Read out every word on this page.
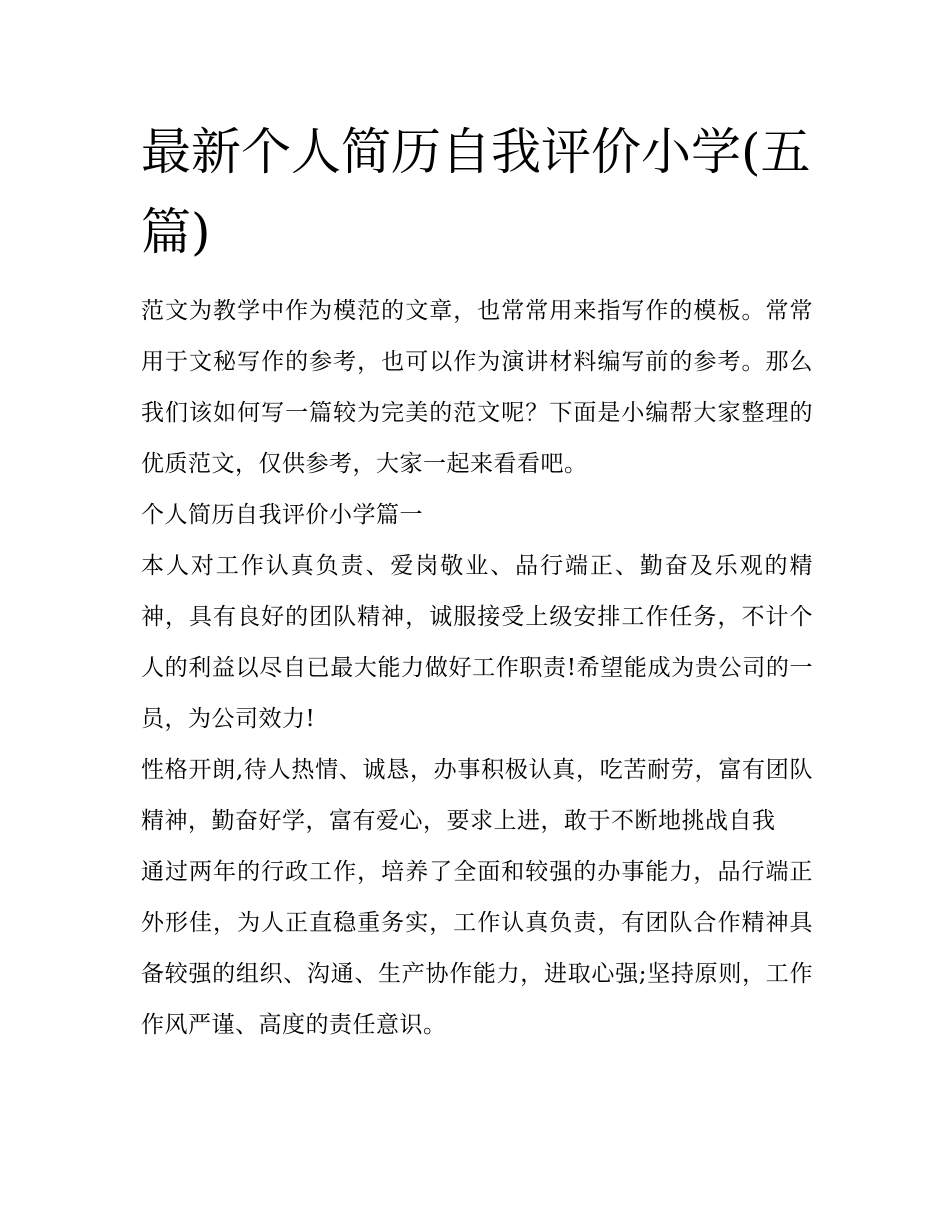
最新个人简历自我评价小学(五篇)

范文为教学中作为模范的文章，也常常用来指写作的模板。常常用于文秘写作的参考，也可以作为演讲材料编写前的参考。那么我们该如何写一篇较为完美的范文呢？下面是小编帮大家整理的优质范文，仅供参考，大家一起来看看吧。

个人简历自我评价小学篇一

本人对工作认真负责、爱岗敬业、品行端正、勤奋及乐观的精神，具有良好的团队精神，诚服接受上级安排工作任务，不计个人的利益以尽自已最大能力做好工作职责!希望能成为贵公司的一员，为公司效力!

性格开朗,待人热情、诚恳，办事积极认真，吃苦耐劳，富有团队精神，勤奋好学，富有爱心，要求上进，敢于不断地挑战自我

通过两年的行政工作，培养了全面和较强的办事能力，品行端正外形佳，为人正直稳重务实，工作认真负责，有团队合作精神具备较强的组织、沟通、生产协作能力，进取心强;坚持原则，工作作风严谨、高度的责任意识。
